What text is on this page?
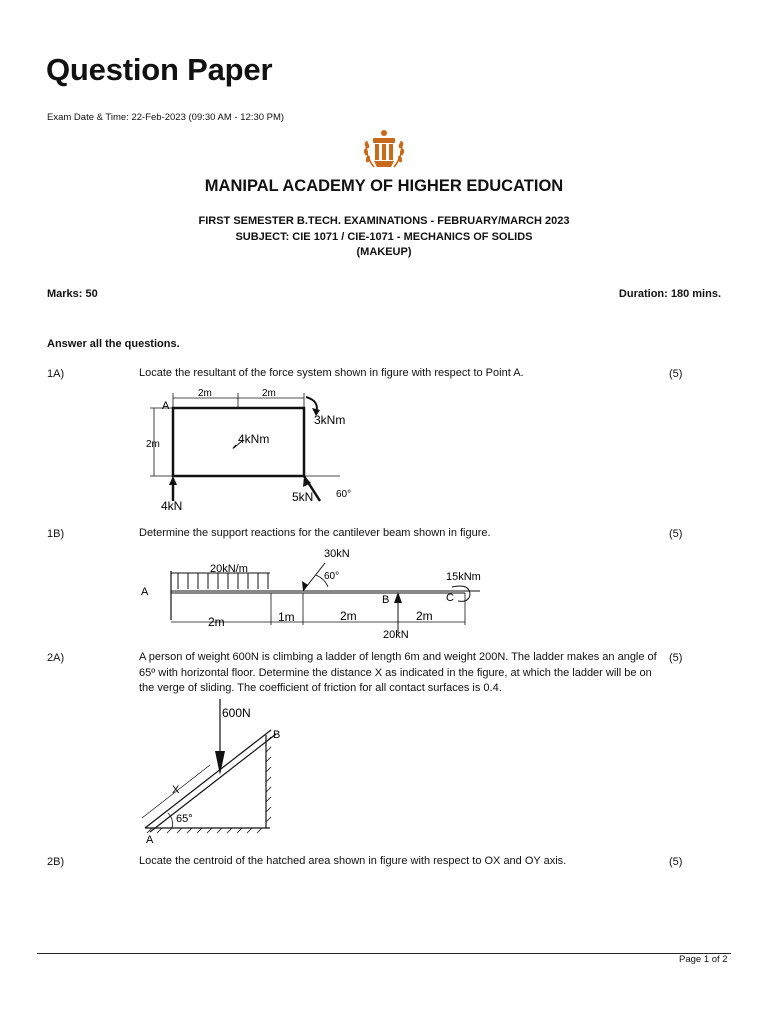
Question Paper
Exam Date & Time: 22-Feb-2023 (09:30 AM - 12:30 PM)
MANIPAL ACADEMY OF HIGHER EDUCATION
FIRST SEMESTER B.TECH. EXAMINATIONS - FEBRUARY/MARCH 2023
SUBJECT: CIE 1071 / CIE-1071 - MECHANICS OF SOLIDS
(MAKEUP)
Marks: 50	Duration: 180 mins.
Answer all the questions.
1A)	Locate the resultant of the force system shown in figure with respect to Point A.	(5)
2m	2m
2m
A
3kNm
4kNm
4kN
5kN 60°
1B)	Determine the support reactions for the cantilever beam shown in figure.	(5)
20kN/m
30kN
60°	15kNm
A
B	C
2m	1m	2m	2m
20kN
2A)	A person of weight 600N is climbing a ladder of length 6m and weight 200N. The ladder makes an angle of 65º with horizontal floor. Determine the distance X as indicated in the figure, at which the ladder will be on the verge of sliding. The coefficient of friction for all contact surfaces is 0.4.
(5)
600N
B
X
65°
A
2B)	Locate the centroid of the hatched area shown in figure with respect to OX and OY axis.	(5)
Page 1 of 2
